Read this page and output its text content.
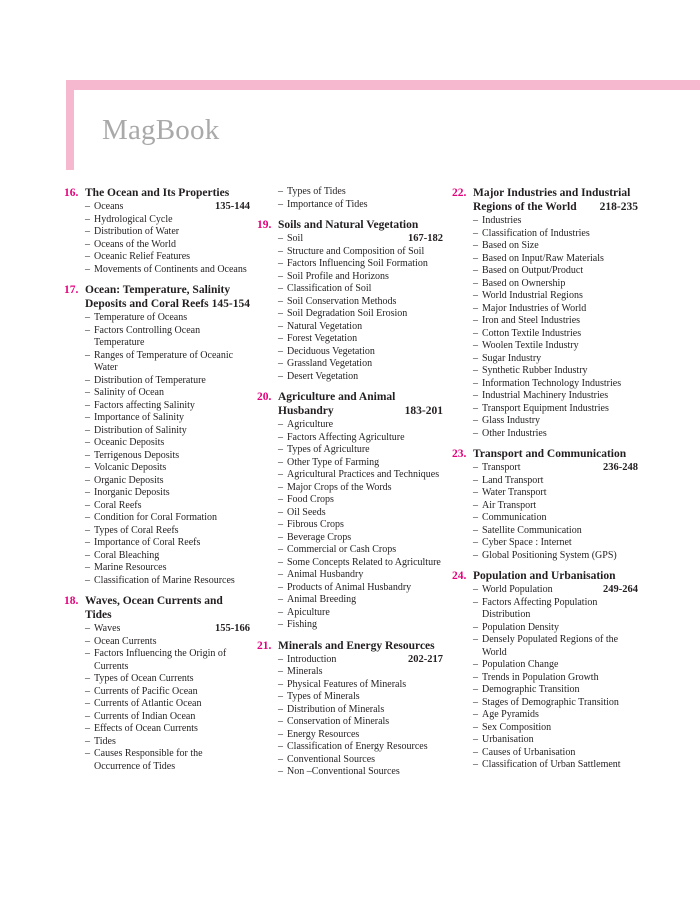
MagBook
16. The Ocean and Its Properties
– Oceans	135-144
– Hydrological Cycle
– Distribution of Water
– Oceans of the World
– Oceanic Relief Features
– Movements of Continents and Oceans
17. Ocean: Temperature, Salinity Deposits and Coral Reefs 145-154
– Temperature of Oceans
– Factors Controlling Ocean Temperature
– Ranges of Temperature of Oceanic Water
– Distribution of Temperature
– Salinity of Ocean
– Factors affecting Salinity
– Importance of Salinity
– Distribution of Salinity
– Oceanic Deposits
– Terrigenous Deposits
– Volcanic Deposits
– Organic Deposits
– Inorganic Deposits
– Coral Reefs
– Condition for Coral Formation
– Types of Coral Reefs
– Importance of Coral Reefs
– Coral Bleaching
– Marine Resources
– Classification of Marine Resources
18. Waves, Ocean Currents and Tides
– Waves	155-166
– Ocean Currents
– Factors Influencing the Origin of Currents
– Types of Ocean Currents
– Currents of Pacific Ocean
– Currents of Atlantic Ocean
– Currents of Indian Ocean
– Effects of Ocean Currents
– Tides
– Causes Responsible for the Occurrence of Tides
– Types of Tides
– Importance of Tides
19. Soils and Natural Vegetation
– Soil	167-182
– Structure and Composition of Soil
– Factors Influencing Soil Formation
– Soil Profile and Horizons
– Classification of Soil
– Soil Conservation Methods
– Soil Degradation Soil Erosion
– Natural Vegetation
– Forest Vegetation
– Deciduous Vegetation
– Grassland Vegetation
– Desert Vegetation
20. Agriculture and Animal Husbandry	183-201
– Agriculture
– Factors Affecting Agriculture
– Types of Agriculture
– Other Type of Farming
– Agricultural Practices and Techniques
– Major Crops of the Words
– Food Crops
– Oil Seeds
– Fibrous Crops
– Beverage Crops
– Commercial or Cash Crops
– Some Concepts Related to Agriculture
– Animal Husbandry
– Products of Animal Husbandry
– Animal Breeding
– Apiculture
– Fishing
21. Minerals and Energy Resources
– Introduction	202-217
– Minerals
– Physical Features of Minerals
– Types of Minerals
– Distribution of Minerals
– Conservation of Minerals
– Energy Resources
– Classification of Energy Resources
– Conventional Sources
– Non –Conventional Sources
22. Major Industries and Industrial Regions of the World	218-235
– Industries
– Classification of Industries
– Based on Size
– Based on Input/Raw Materials
– Based on Output/Product
– Based on Ownership
– World Industrial Regions
– Major Industries of World
– Iron and Steel Industries
– Cotton Textile Industries
– Woolen Textile Industry
– Sugar Industry
– Synthetic Rubber Industry
– Information Technology Industries
– Industrial Machinery Industries
– Transport Equipment Industries
– Glass Industry
– Other Industries
23. Transport and Communication
– Transport	236-248
– Land Transport
– Water Transport
– Air Transport
– Communication
– Satellite Communication
– Cyber Space : Internet
– Global Positioning System (GPS)
24. Population and Urbanisation
– World Population	249-264
– Factors Affecting Population Distribution
– Population Density
– Densely Populated Regions of the World
– Population Change
– Trends in Population Growth
– Demographic Transition
– Stages of Demographic Transition
– Age Pyramids
– Sex Composition
– Urbanisation
– Causes of Urbanisation
– Classification of Urban Sattlement
